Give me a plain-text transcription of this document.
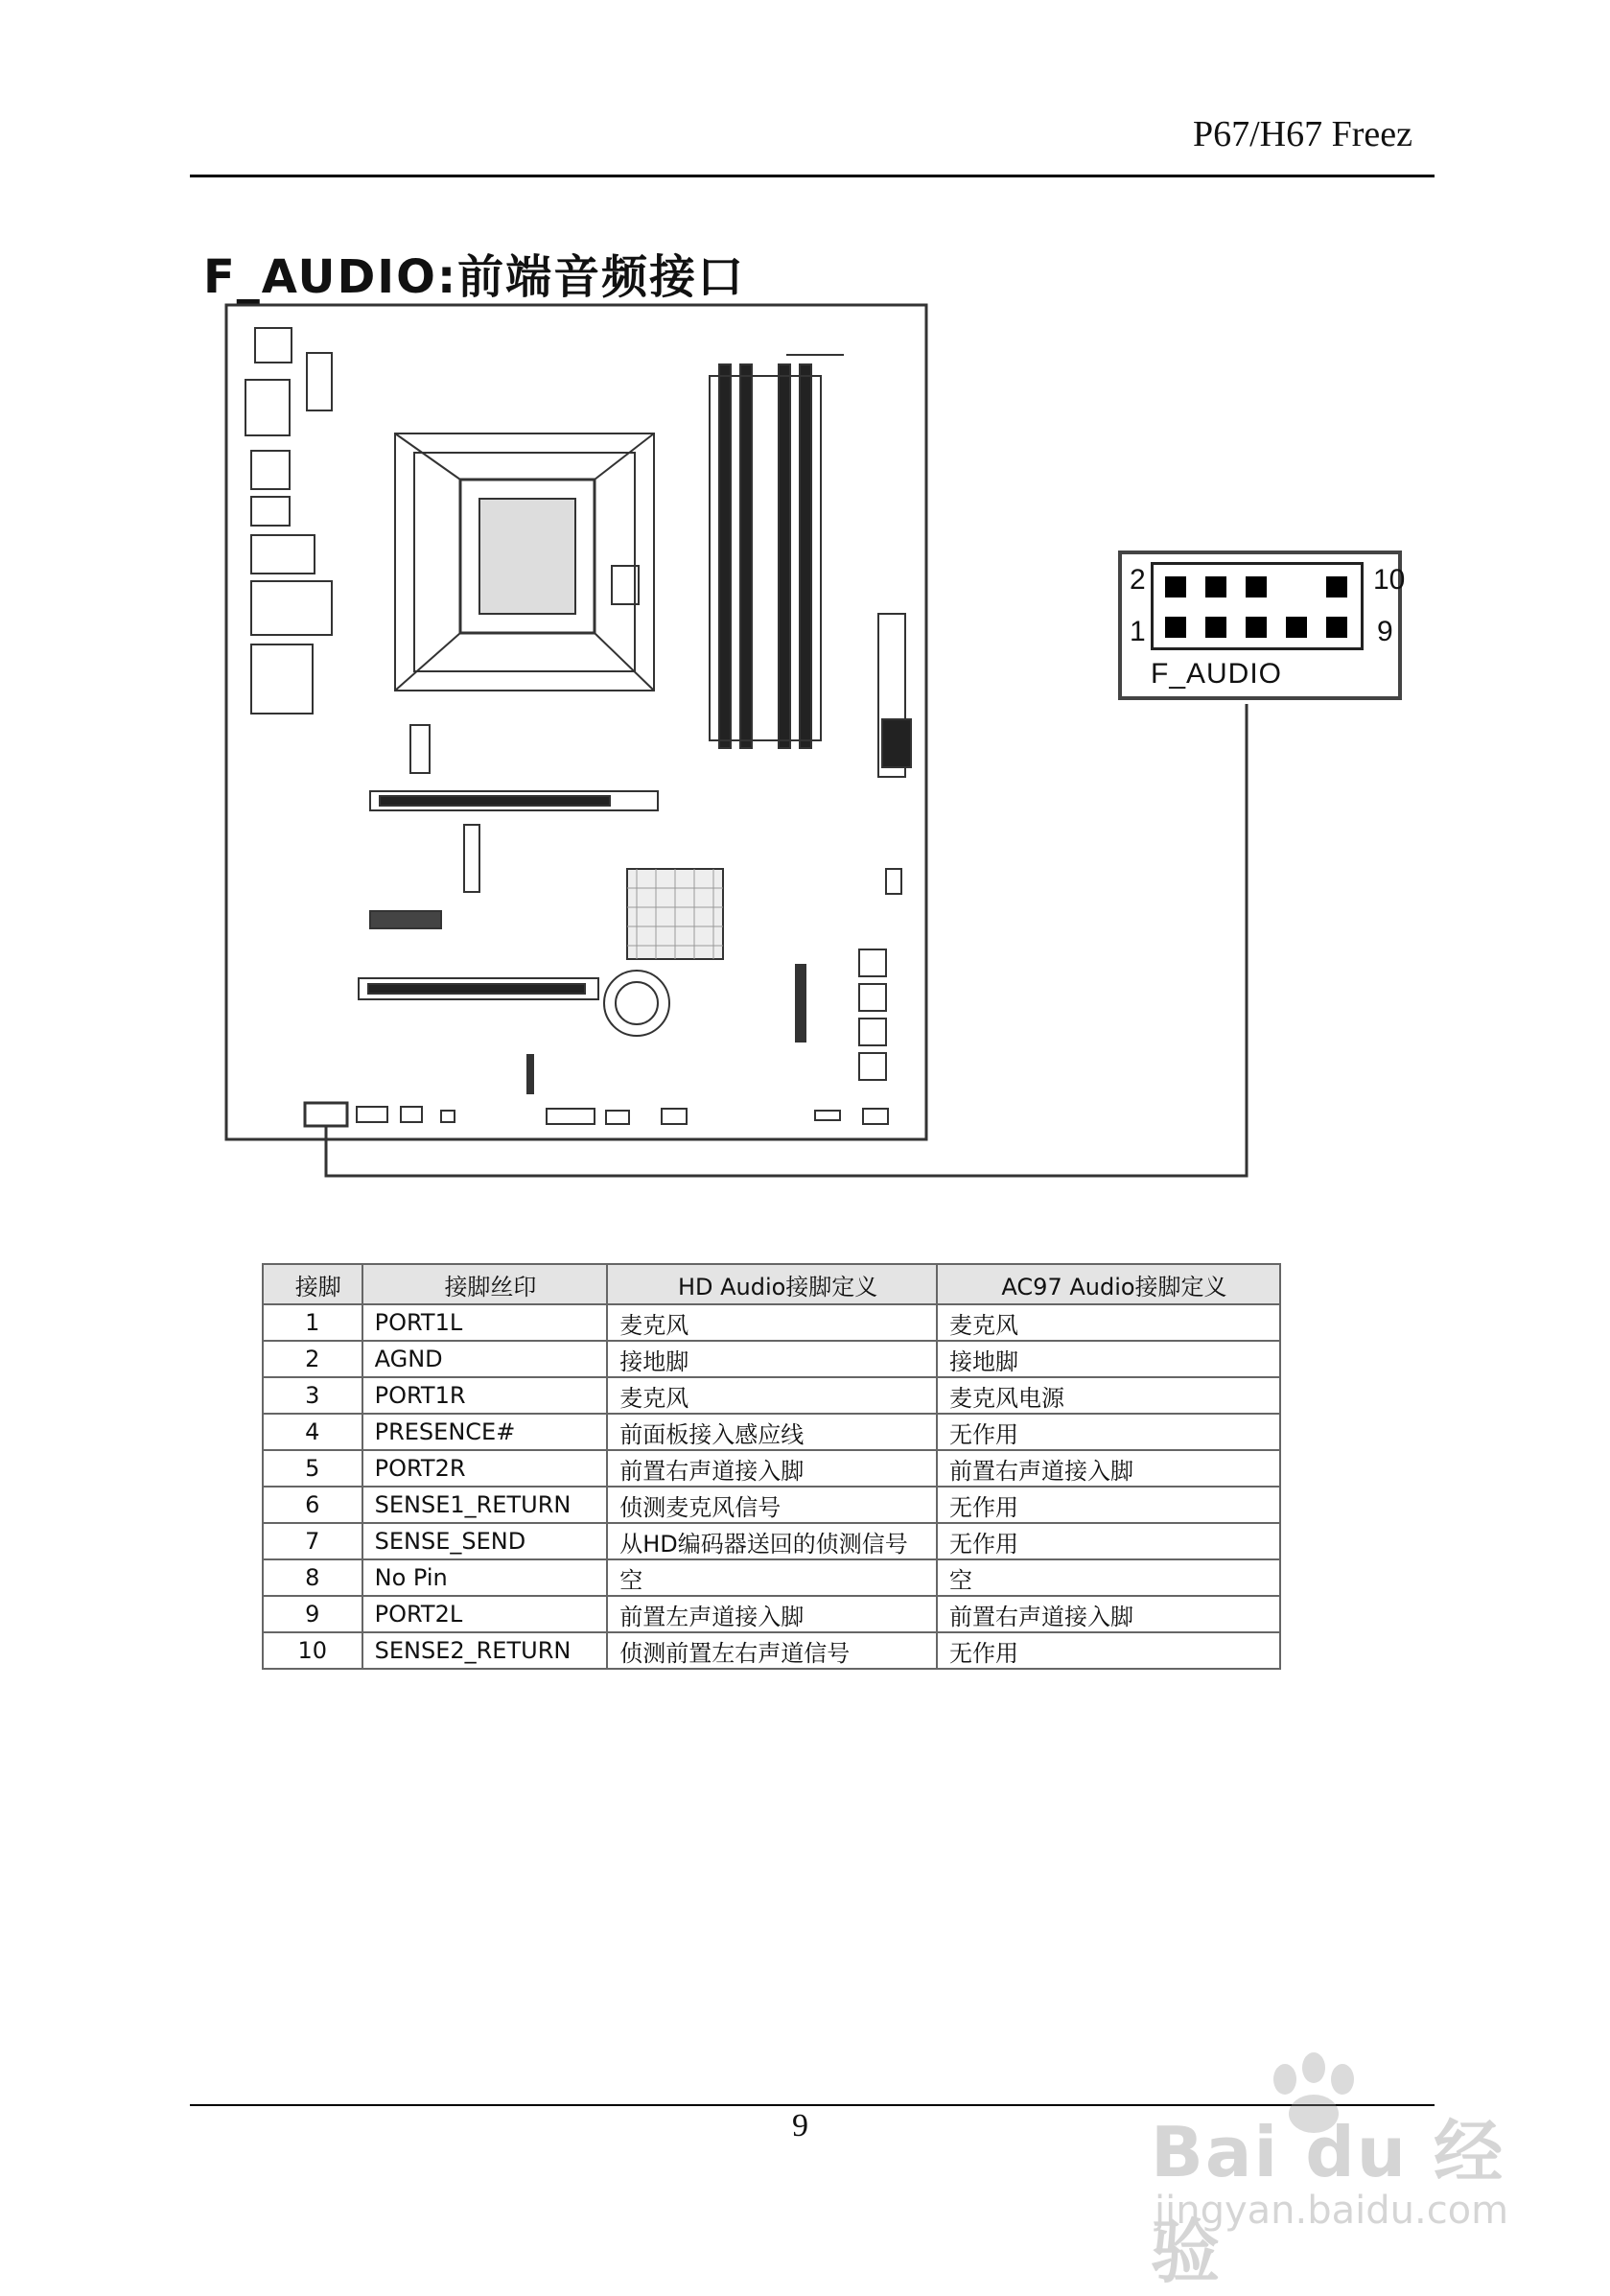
P67/H67 Freez
F_AUDIO:前端音频接口
2
1
10
9
F_AUDIO
接脚	接脚丝印	HD Audio接脚定义	AC97 Audio接脚定义
1	PORT1L	麦克风	麦克风
2	AGND	接地脚	接地脚
3	PORT1R	麦克风	麦克风电源
4	PRESENCE#	前面板接入感应线	无作用
5	PORT2R	前置右声道接入脚	前置右声道接入脚
6	SENSE1_RETURN	侦测麦克风信号	无作用
7	SENSE_SEND	从HD编码器送回的侦测信号	无作用
8	No Pin	空	空
9	PORT2L	前置左声道接入脚	前置右声道接入脚
10	SENSE2_RETURN	侦测前置左右声道信号	无作用
9	Bai du 经验
jingyan.baidu.com
